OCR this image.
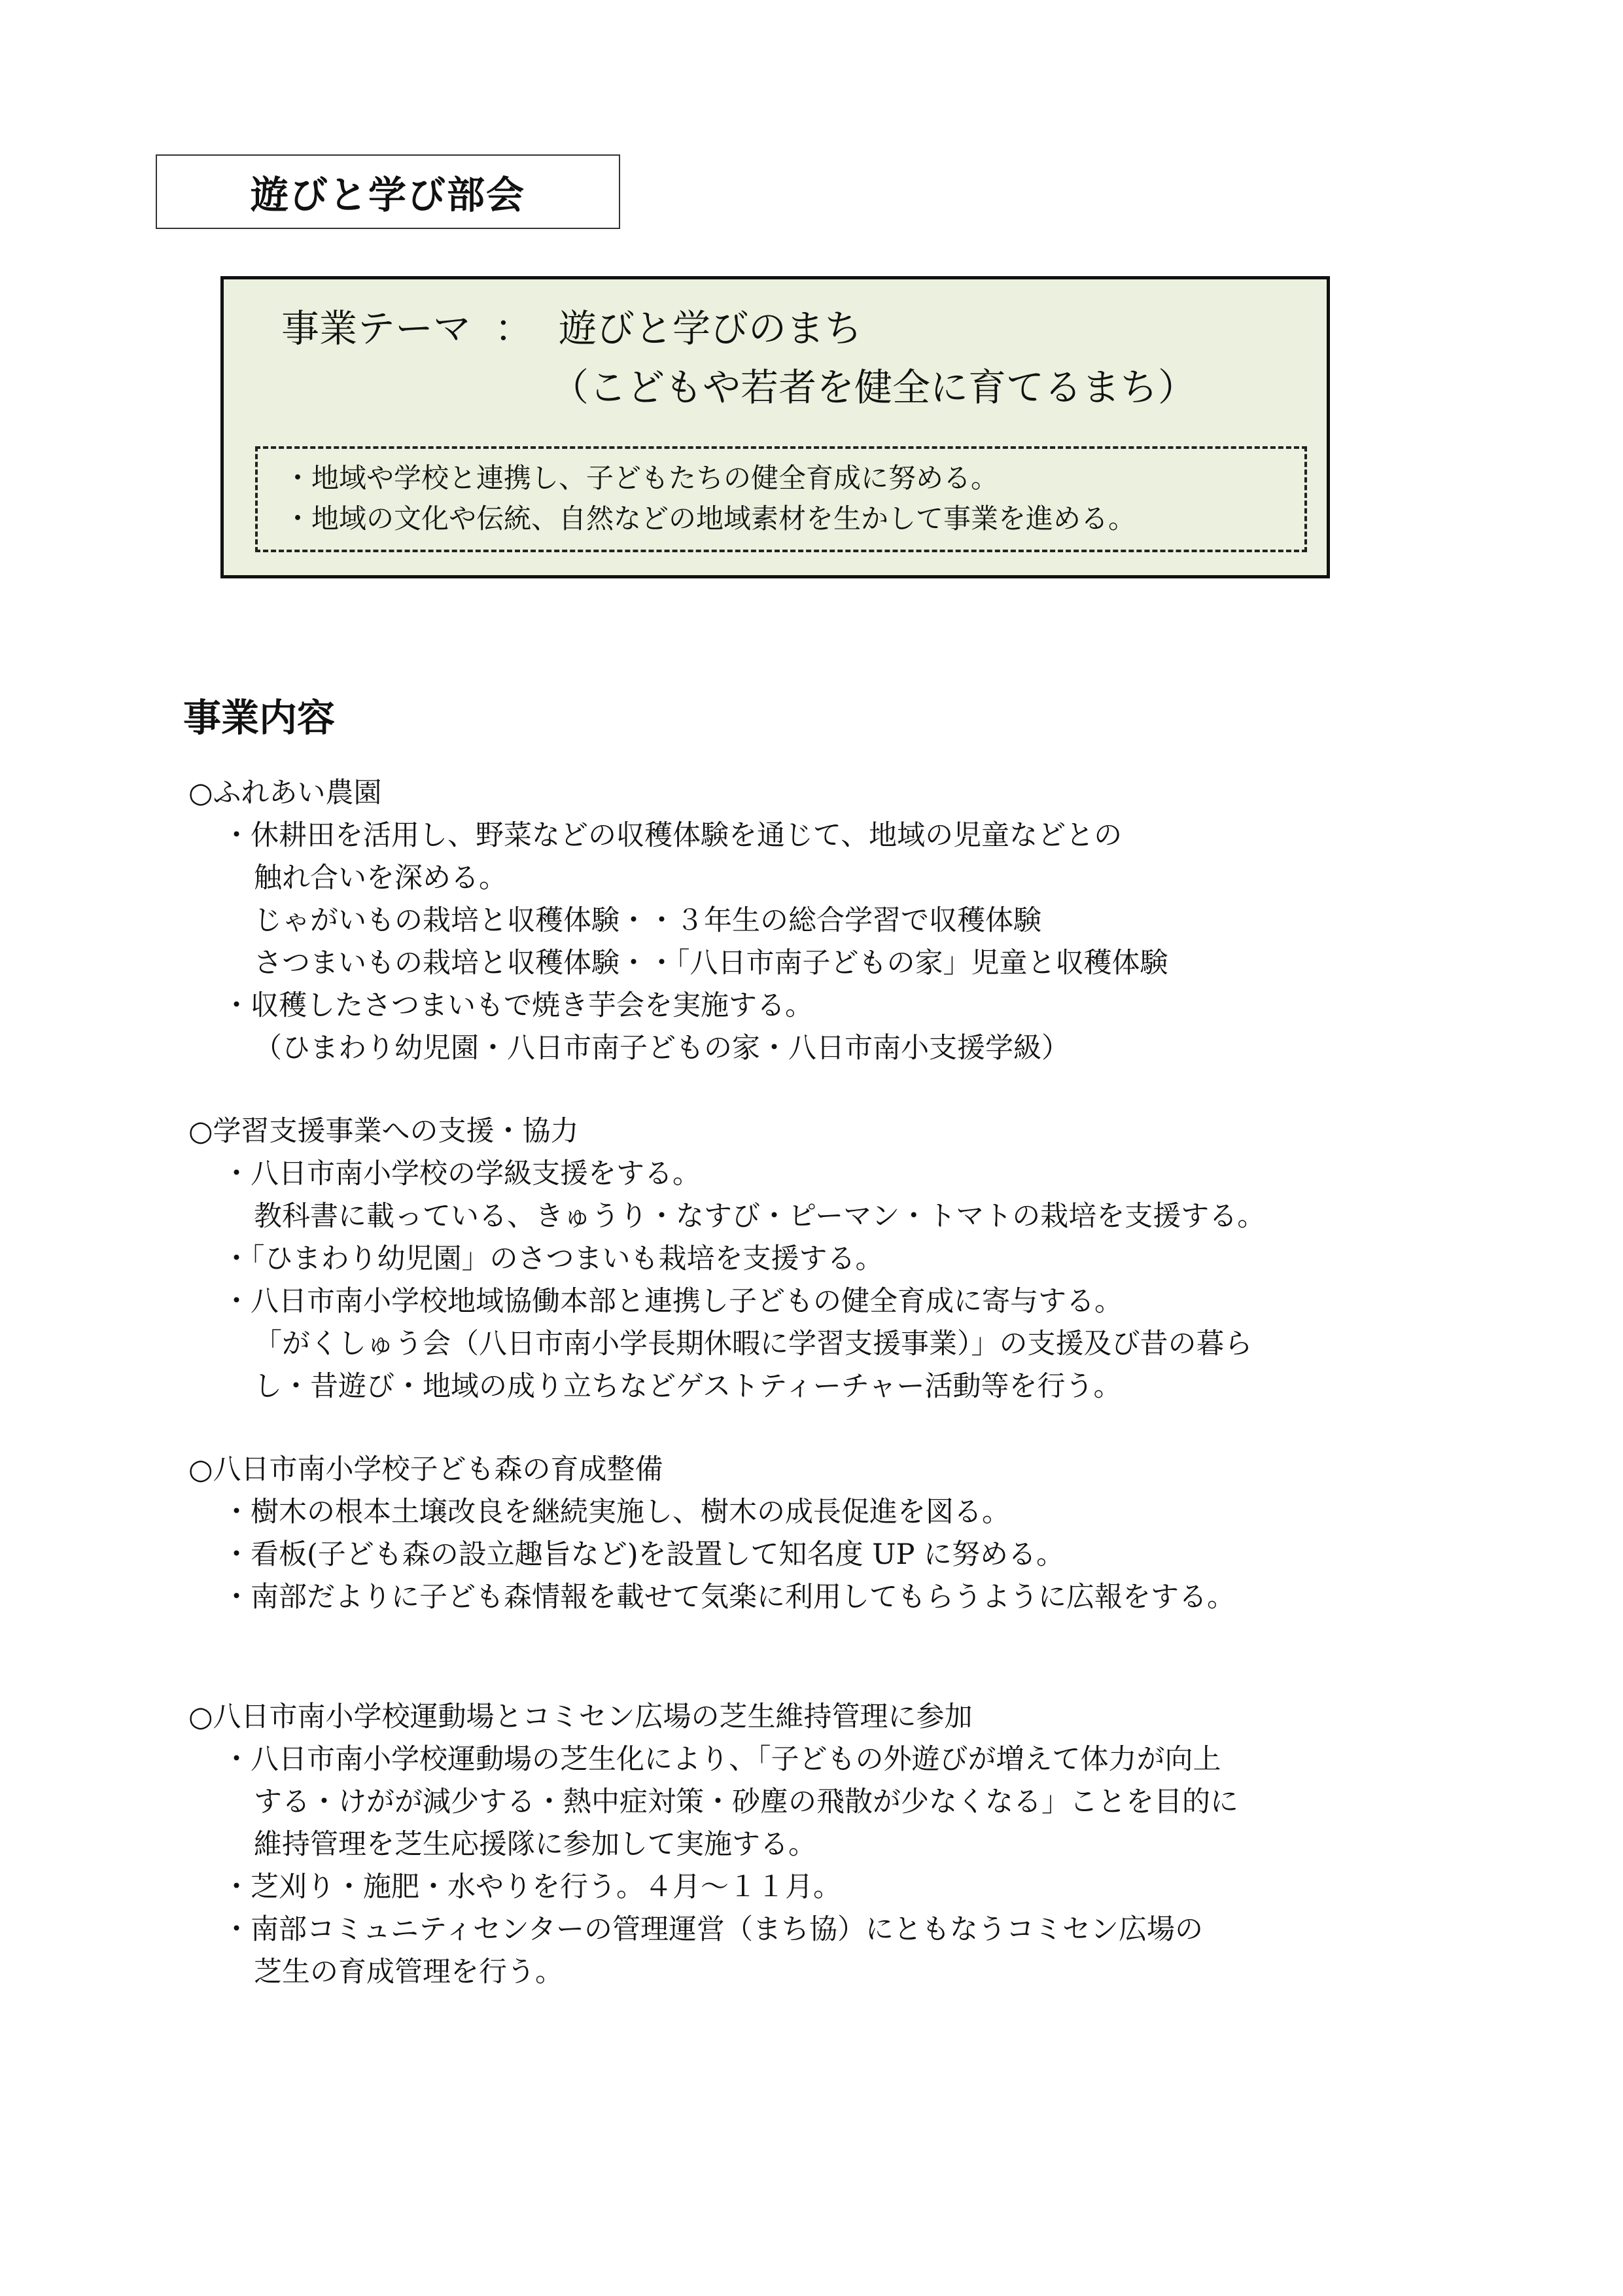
遊びと学び部会
事業テーマ ： 遊びと学びのまち
（こどもや若者を健全に育てるまち）
・地域や学校と連携し、子どもたちの健全育成に努める。
・地域の文化や伝統、自然などの地域素材を生かして事業を進める。
事業内容
○ふれあい農園
・休耕田を活用し、野菜などの収穫体験を通じて、地域の児童などとの
触れ合いを深める。
じゃがいもの栽培と収穫体験・・３年生の総合学習で収穫体験
さつまいもの栽培と収穫体験・・「八日市南子どもの家」児童と収穫体験
・収穫したさつまいもで焼き芋会を実施する。
（ひまわり幼児園・八日市南子どもの家・八日市南小支援学級）
○学習支援事業への支援・協力
・八日市南小学校の学級支援をする。
教科書に載っている、きゅうり・なすび・ピーマン・トマトの栽培を支援する。
・「ひまわり幼児園」のさつまいも栽培を支援する。
・八日市南小学校地域協働本部と連携し子どもの健全育成に寄与する。
「がくしゅう会（八日市南小学長期休暇に学習支援事業）」の支援及び昔の暮ら
し・昔遊び・地域の成り立ちなどゲストティーチャー活動等を行う。
○八日市南小学校子ども森の育成整備
・樹木の根本土壌改良を継続実施し、樹木の成長促進を図る。
・看板(子ども森の設立趣旨など)を設置して知名度 UP に努める。
・南部だよりに子ども森情報を載せて気楽に利用してもらうように広報をする。
○八日市南小学校運動場とコミセン広場の芝生維持管理に参加
・八日市南小学校運動場の芝生化により、「子どもの外遊びが増えて体力が向上
する・けがが減少する・熱中症対策・砂塵の飛散が少なくなる」ことを目的に
維持管理を芝生応援隊に参加して実施する。
・芝刈り・施肥・水やりを行う。４月～１１月。
・南部コミュニティセンターの管理運営（まち協）にともなうコミセン広場の
芝生の育成管理を行う。
